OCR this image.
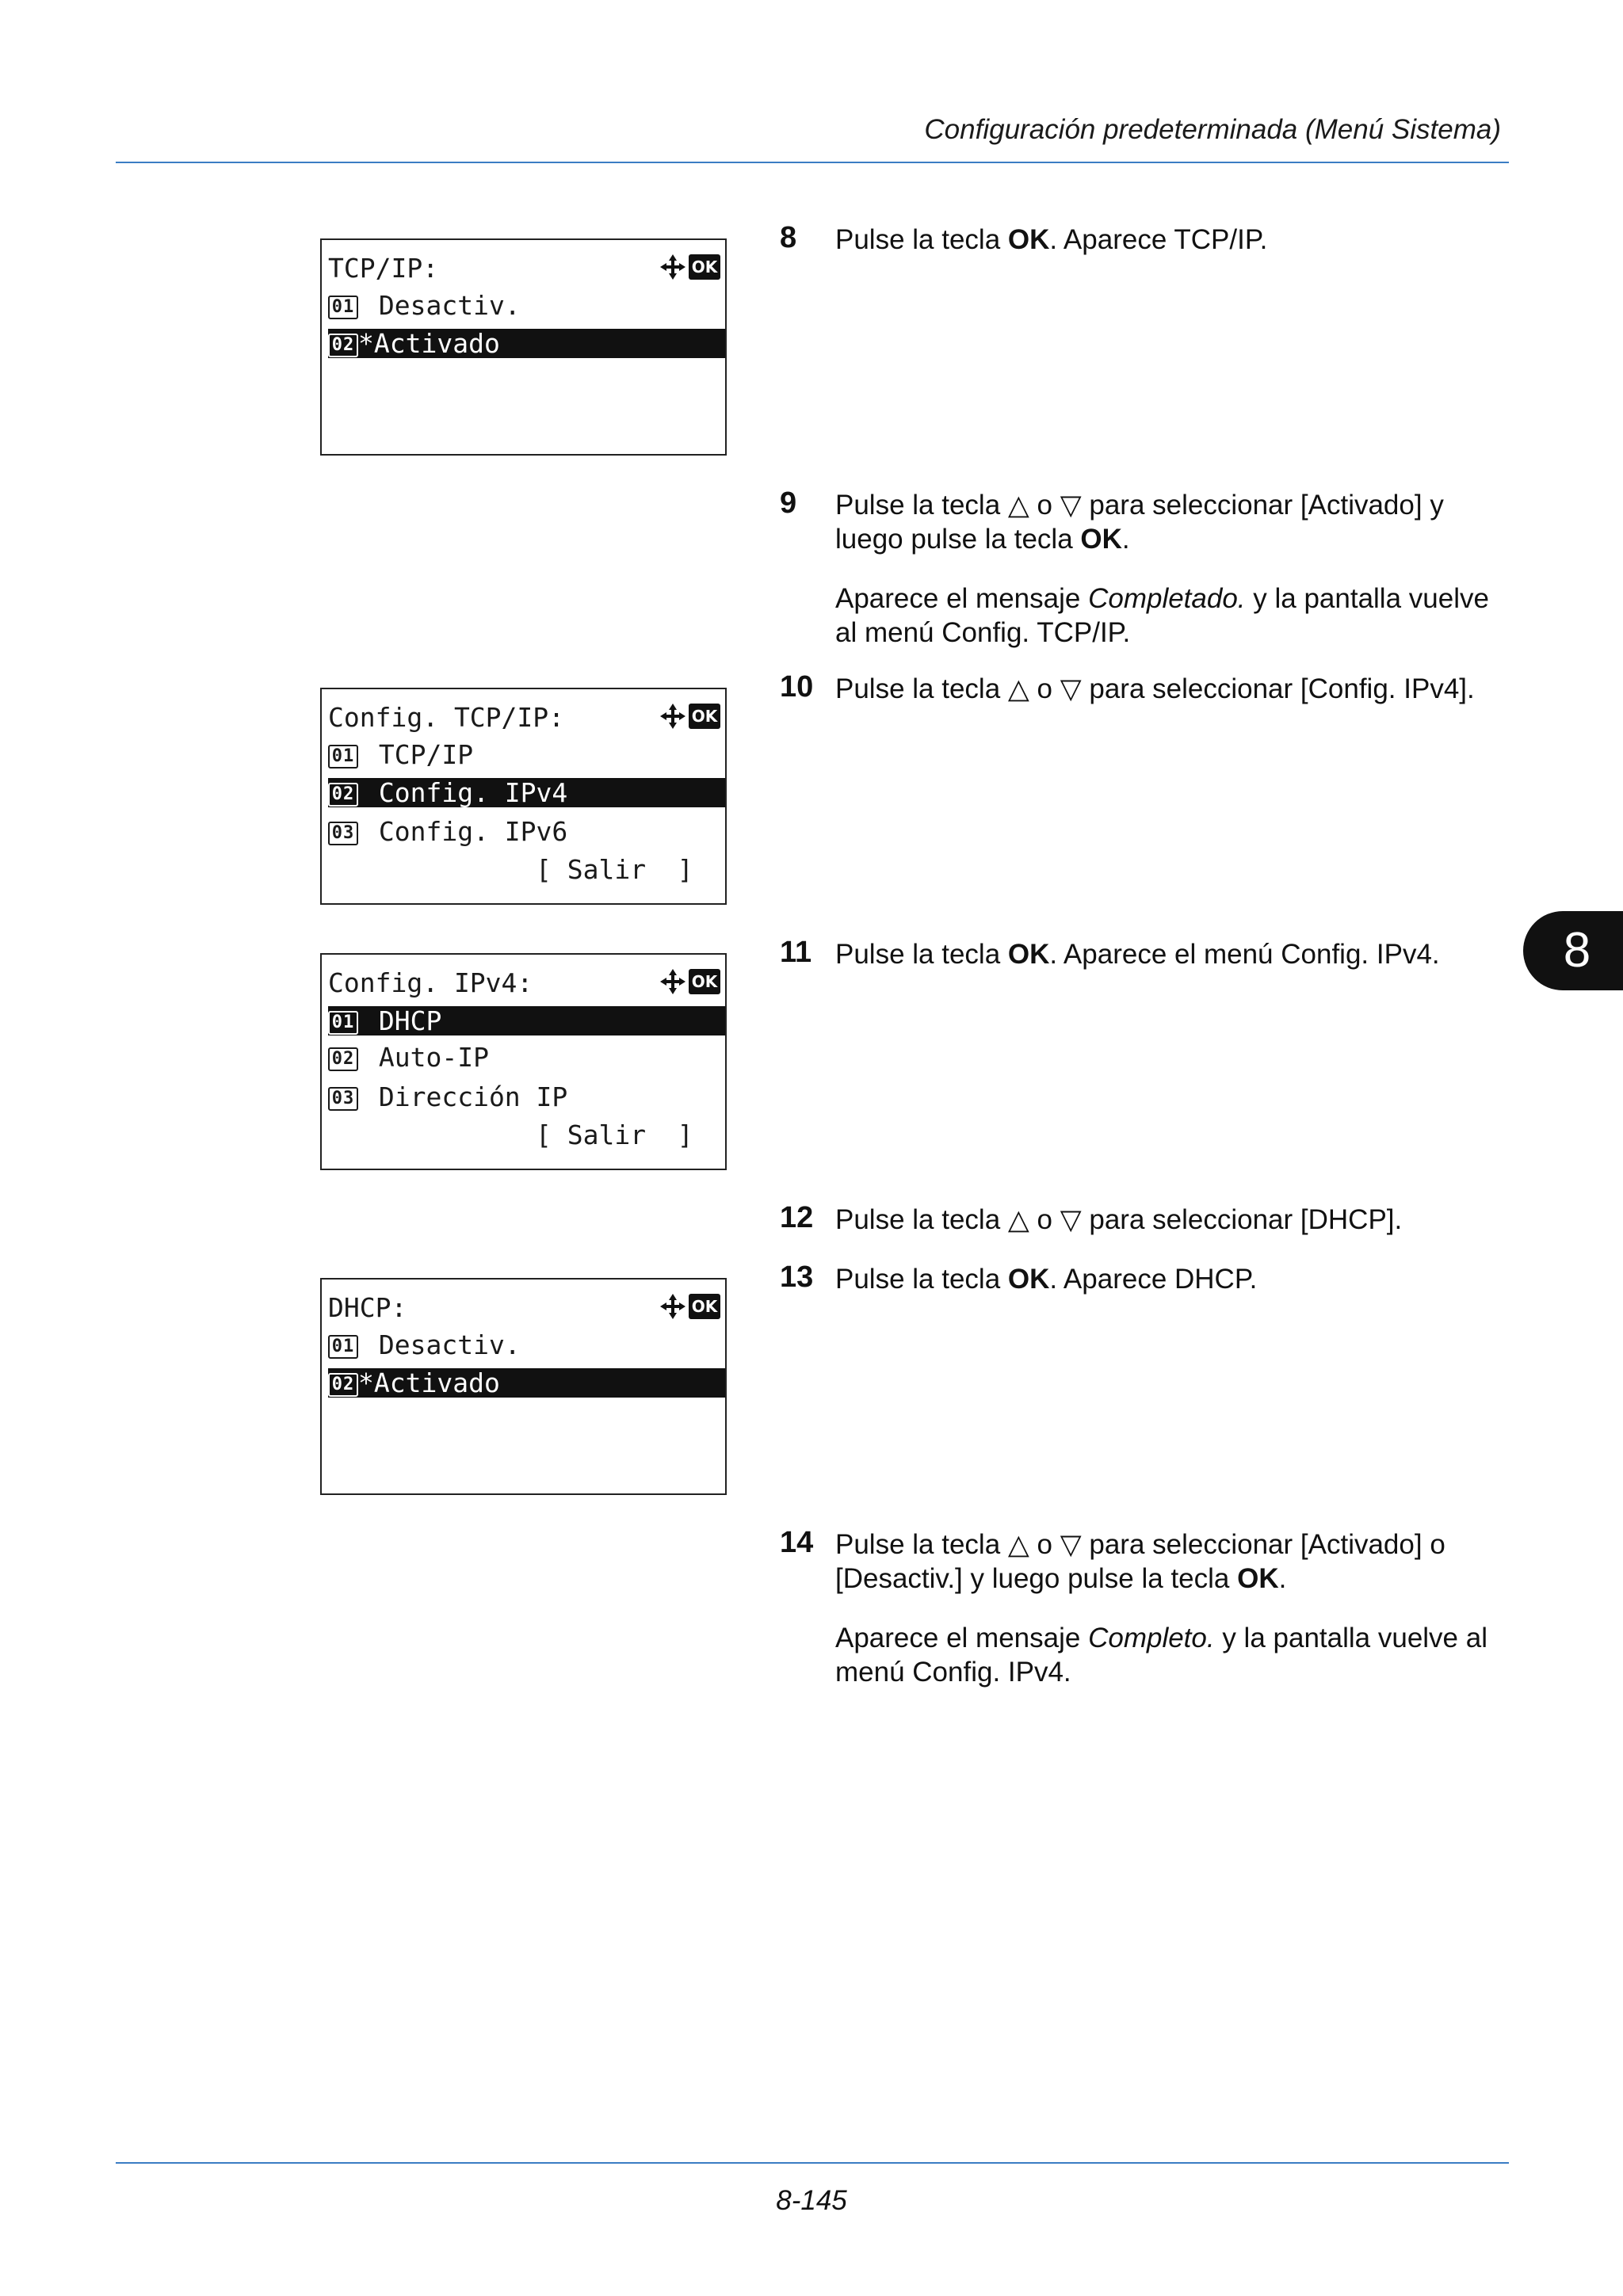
Configuración predeterminada (Menú Sistema)
8
TCP/IP:	OK
01 Desactiv.
02 *Activado
Config. TCP/IP:	OK
01 TCP/IP
02 Config. IPv4
03 Config. IPv6
[ Salir  ]
Config. IPv4:	OK
01 DHCP
02 Auto-IP
03 Dirección IP
[ Salir  ]
DHCP:	OK
01 Desactiv.
02 *Activado
8 Pulse la tecla OK. Aparece TCP/IP.

9 Pulse la tecla △ o ▽ para seleccionar [Activado] y luego pulse la tecla OK.

Aparece el mensaje Completado. y la pantalla vuelve al menú Config. TCP/IP.

10 Pulse la tecla △ o ▽ para seleccionar [Config. IPv4].

11 Pulse la tecla OK. Aparece el menú Config. IPv4.

12 Pulse la tecla △ o ▽ para seleccionar [DHCP].

13 Pulse la tecla OK. Aparece DHCP.

14 Pulse la tecla △ o ▽ para seleccionar [Activado] o [Desactiv.] y luego pulse la tecla OK.

Aparece el mensaje Completo. y la pantalla vuelve al menú Config. IPv4.

8-145
